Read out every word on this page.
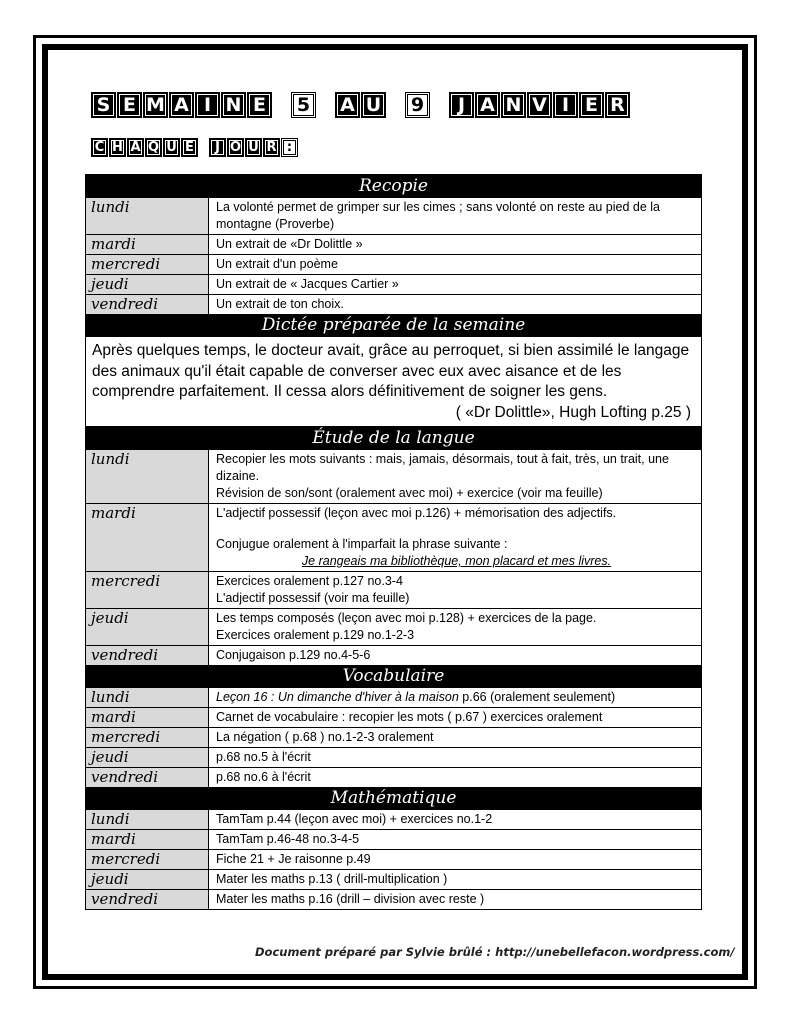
S E M A I N E	5	A U	9	J A N V I E R
C H A Q U E	J O U R :
Recopie
lundi	La volonté permet de grimper sur les cimes ; sans volonté on reste au pied de la montagne (Proverbe)
mardi	Un extrait de «Dr Dolittle »
mercredi	Un extrait d'un poème
jeudi	Un extrait de « Jacques Cartier »
vendredi	Un extrait de ton choix.
Dictée préparée de la semaine
Après quelques temps, le docteur avait, grâce au perroquet, si bien assimilé le langage des animaux qu'il était capable de converser avec eux avec aisance et de les comprendre parfaitement. Il cessa alors définitivement de soigner les gens.
( «Dr Dolittle», Hugh Lofting p.25 )
Étude de la langue
lundi	Recopier les mots suivants : mais, jamais, désormais, tout à fait, très, un trait, une dizaine.
Révision de son/sont (oralement avec moi) + exercice (voir ma feuille)
mardi	L'adjectif possessif (leçon avec moi p.126) + mémorisation des adjectifs.
Conjugue oralement à l'imparfait la phrase suivante :
Je rangeais ma bibliothèque, mon placard et mes livres.
mercredi	Exercices oralement p.127 no.3-4
L'adjectif possessif (voir ma feuille)
jeudi	Les temps composés (leçon avec moi p.128) + exercices de la page.
Exercices oralement p.129 no.1-2-3
vendredi	Conjugaison p.129 no.4-5-6
Vocabulaire
lundi	Leçon 16 : Un dimanche d'hiver à la maison p.66 (oralement seulement)
mardi	Carnet de vocabulaire : recopier les mots ( p.67 ) exercices oralement
mercredi	La négation ( p.68 ) no.1-2-3 oralement
jeudi	p.68 no.5 à l'écrit
vendredi	p.68 no.6 à l'écrit
Mathématique
lundi	TamTam p.44 (leçon avec moi) + exercices no.1-2
mardi	TamTam p.46-48 no.3-4-5
mercredi	Fiche 21 + Je raisonne p.49
jeudi	Mater les maths p.13 ( drill-multiplication )
vendredi	Mater les maths p.16 (drill – division avec reste )
Document préparé par Sylvie brûlé : http://unebellefacon.wordpress.com/
